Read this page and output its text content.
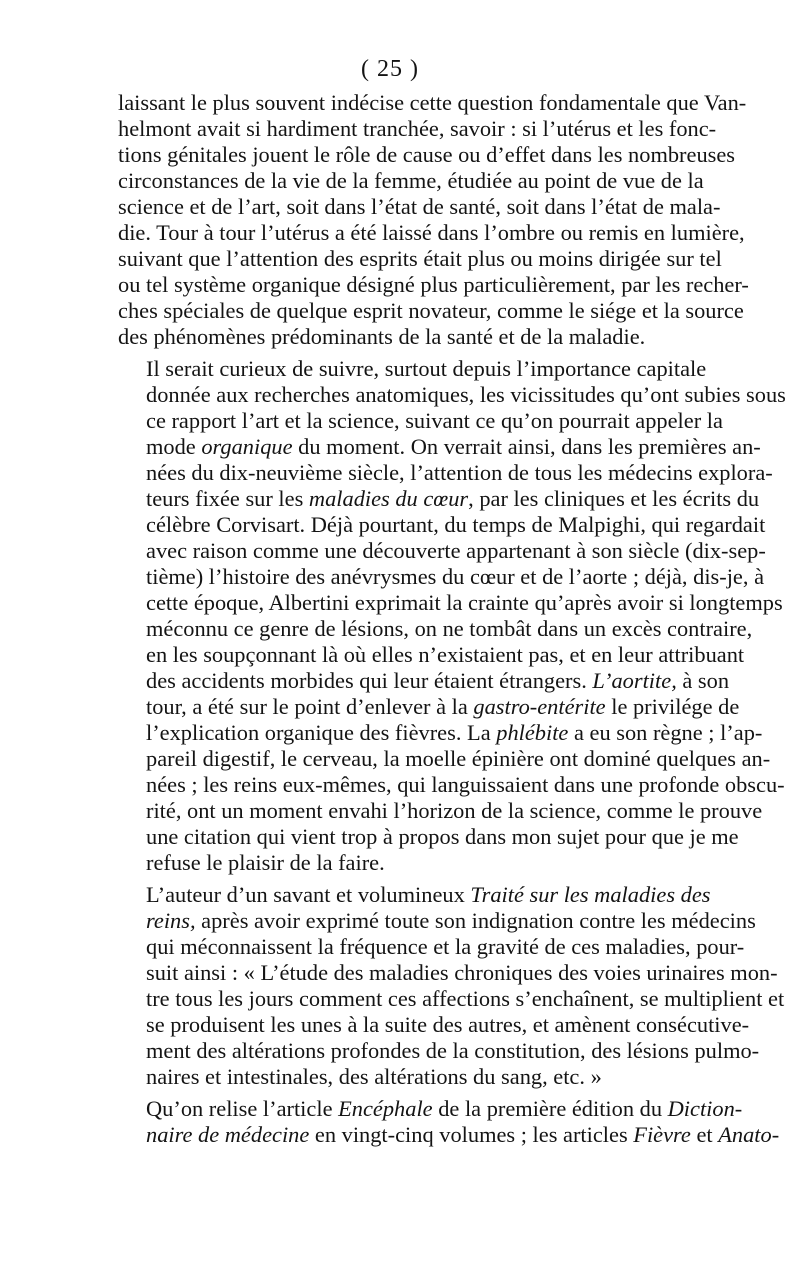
( 25 )

laissant le plus souvent indécise cette question fondamentale que Van-
helmont avait si hardiment tranchée, savoir : si l’utérus et les fonc-
tions génitales jouent le rôle de cause ou d’effet dans les nombreuses
circonstances de la vie de la femme, étudiée au point de vue de la
science et de l’art, soit dans l’état de santé, soit dans l’état de mala-
die. Tour à tour l’utérus a été laissé dans l’ombre ou remis en lumière,
suivant que l’attention des esprits était plus ou moins dirigée sur tel
ou tel système organique désigné plus particulièrement, par les recher-
ches spéciales de quelque esprit novateur, comme le siége et la source
des phénomènes prédominants de la santé et de la maladie.

Il serait curieux de suivre, surtout depuis l’importance capitale
donnée aux recherches anatomiques, les vicissitudes qu’ont subies sous
ce rapport l’art et la science, suivant ce qu’on pourrait appeler la
mode organique du moment. On verrait ainsi, dans les premières an-
nées du dix-neuvième siècle, l’attention de tous les médecins explora-
teurs fixée sur les maladies du cœur, par les cliniques et les écrits du
célèbre Corvisart. Déjà pourtant, du temps de Malpighi, qui regardait
avec raison comme une découverte appartenant à son siècle (dix-sep-
tième) l’histoire des anévrysmes du cœur et de l’aorte ; déjà, dis-je, à
cette époque, Albertini exprimait la crainte qu’après avoir si longtemps
méconnu ce genre de lésions, on ne tombât dans un excès contraire,
en les soupçonnant là où elles n’existaient pas, et en leur attribuant
des accidents morbides qui leur étaient étrangers. L’aortite, à son
tour, a été sur le point d’enlever à la gastro-entérite le privilége de
l’explication organique des fièvres. La phlébite a eu son règne ; l’ap-
pareil digestif, le cerveau, la moelle épinière ont dominé quelques an-
nées ; les reins eux-mêmes, qui languissaient dans une profonde obscu-
rité, ont un moment envahi l’horizon de la science, comme le prouve
une citation qui vient trop à propos dans mon sujet pour que je me
refuse le plaisir de la faire.

L’auteur d’un savant et volumineux Traité sur les maladies des
reins, après avoir exprimé toute son indignation contre les médecins
qui méconnaissent la fréquence et la gravité de ces maladies, pour-
suit ainsi : « L’étude des maladies chroniques des voies urinaires mon-
tre tous les jours comment ces affections s’enchaînent, se multiplient et
se produisent les unes à la suite des autres, et amènent consécutive-
ment des altérations profondes de la constitution, des lésions pulmo-
naires et intestinales, des altérations du sang, etc. »

Qu’on relise l’article Encéphale de la première édition du Diction-
naire de médecine en vingt-cinq volumes ; les articles Fièvre et Anato-
